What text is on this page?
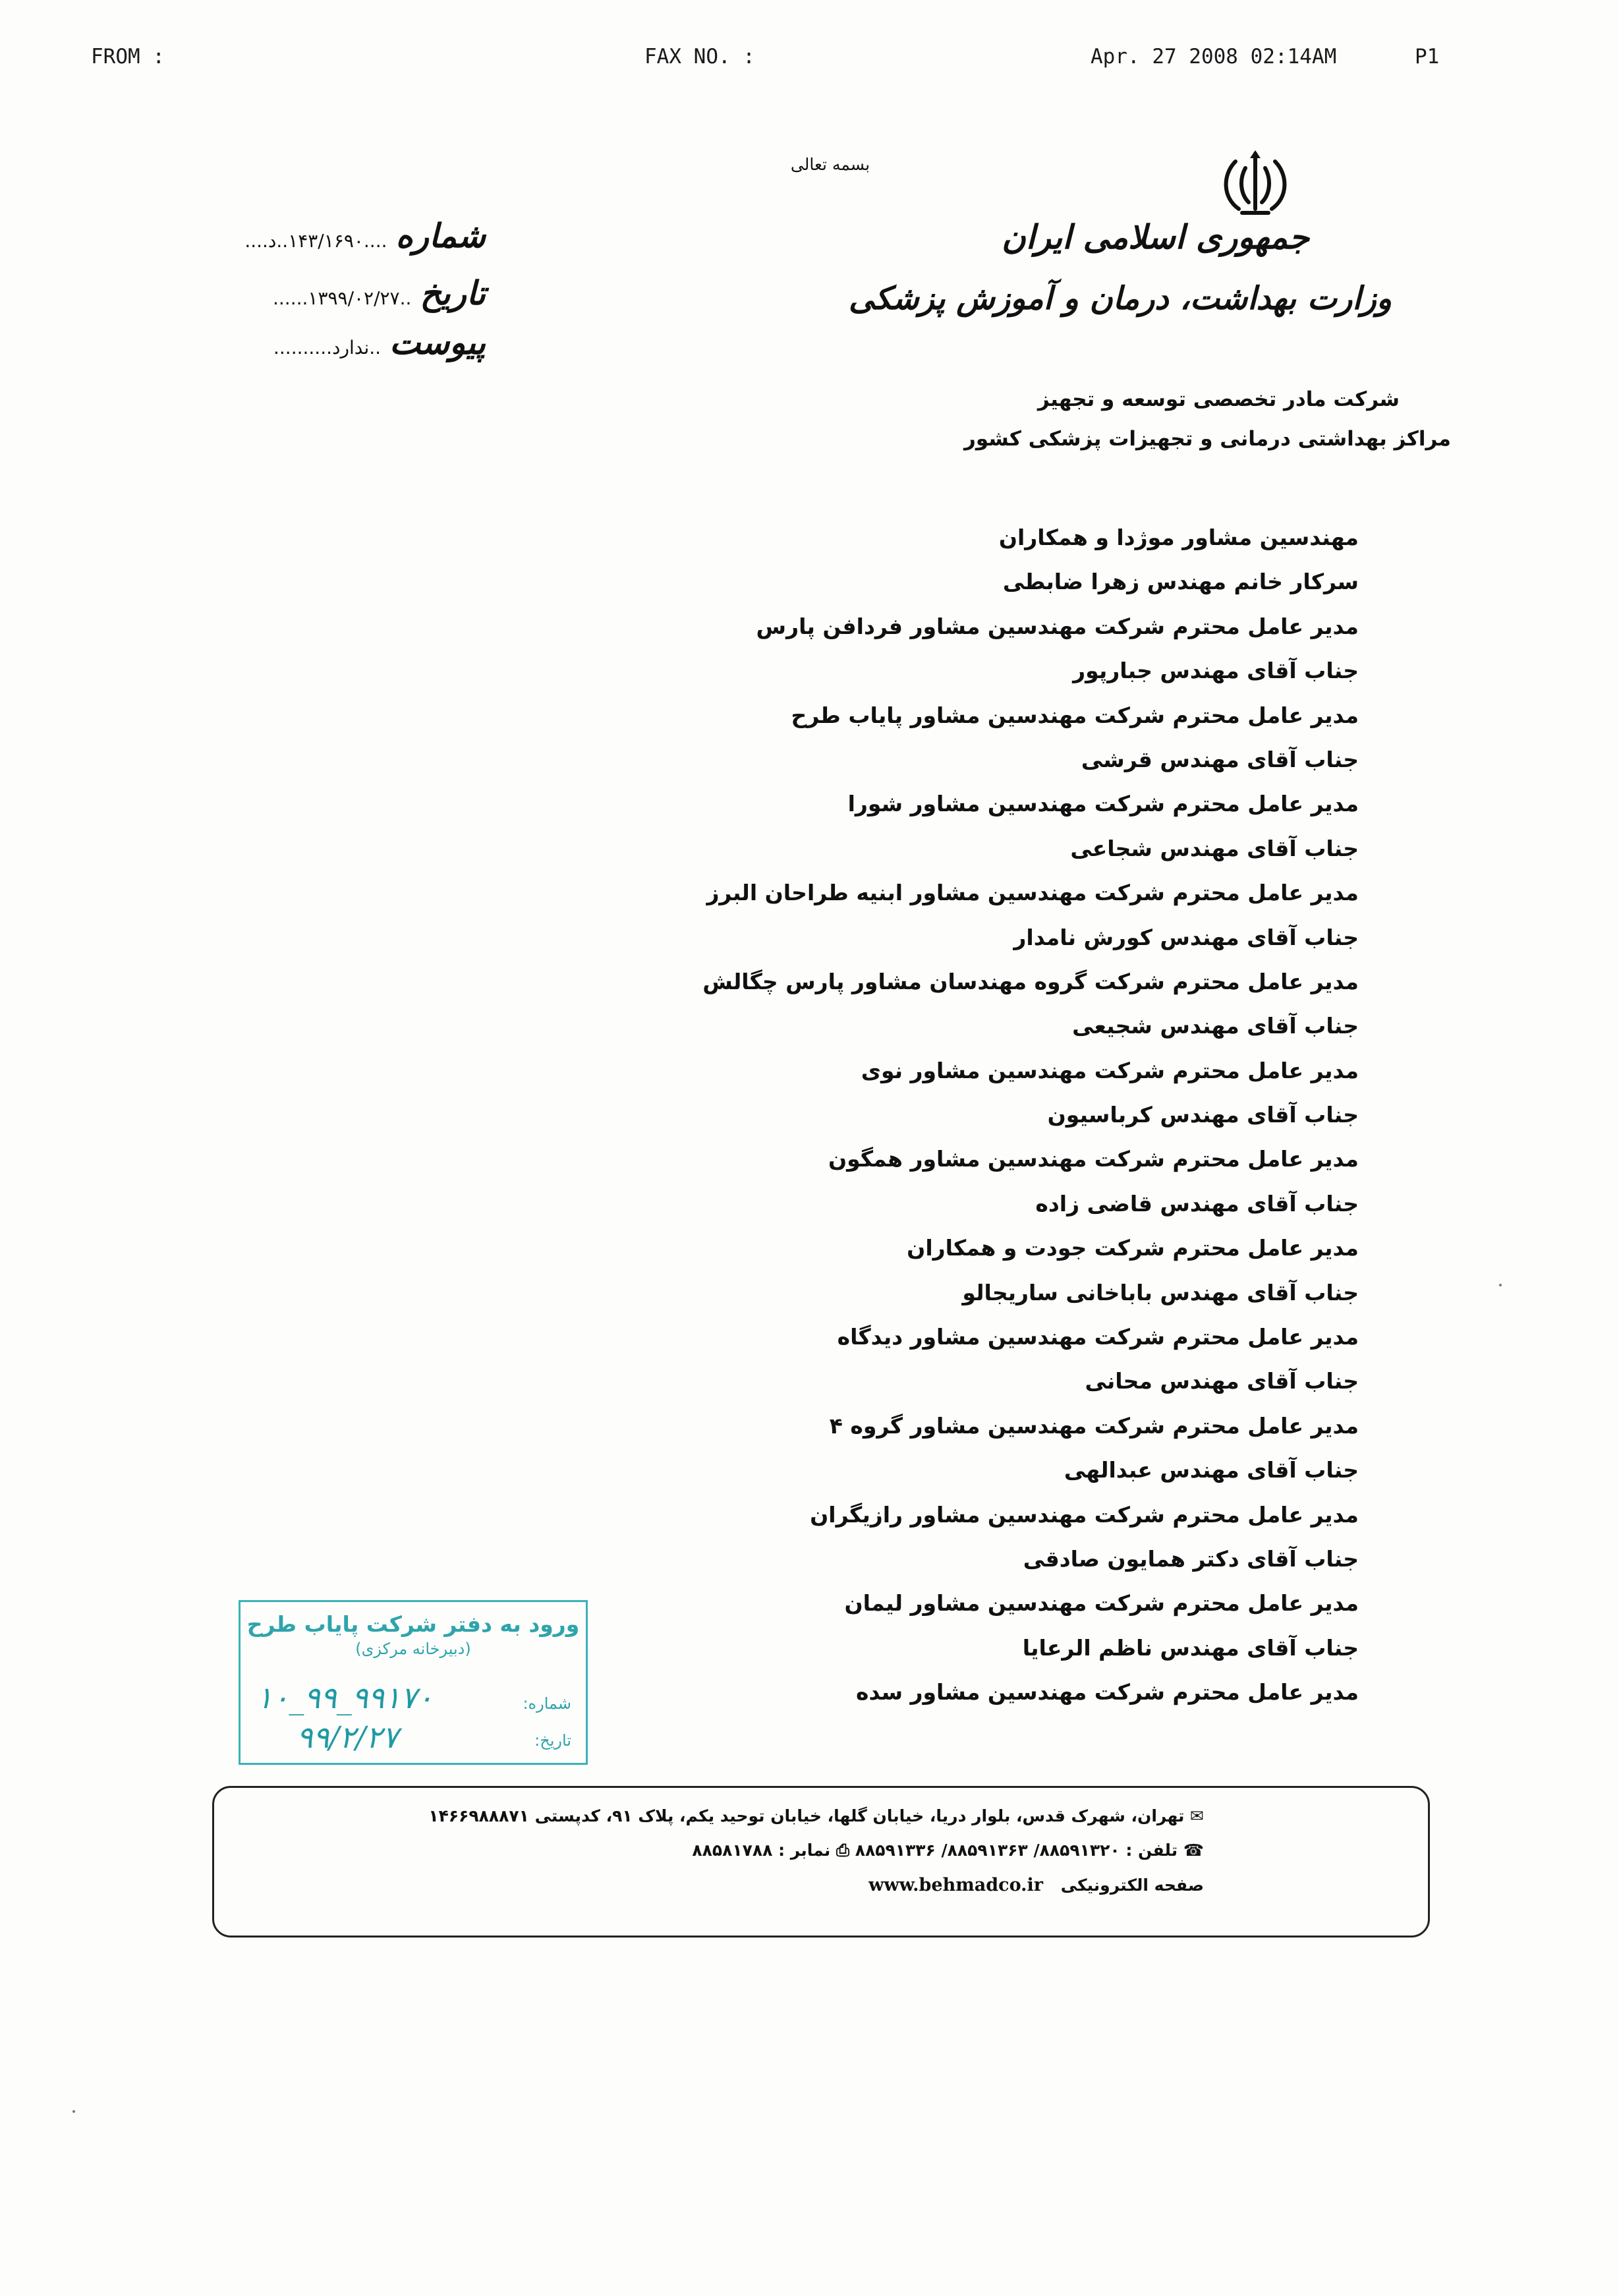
FROM :	FAX NO. :	Apr. 27 2008 02:14AM	P1
بسمه تعالی
جمهوری اسلامی ایران
وزارت بهداشت، درمان و آموزش پزشکی
شرکت مادر تخصصی توسعه و تجهیز
مراکز بهداشتی درمانی و تجهیزات پزشکی کشور
شماره ....۱۴۳/۱۶۹۰..د....
تاریخ ..۱۳۹۹/۰۲/۲۷......
پیوست ..ندارد..........
مهندسین مشاور موژدا و همکاران
سرکار خانم مهندس زهرا ضابطی
مدیر عامل محترم شرکت مهندسین مشاور فردافن پارس
جناب آقای مهندس جبارپور
مدیر عامل محترم شرکت مهندسین مشاور پایاب طرح
جناب آقای مهندس قرشی
مدیر عامل محترم شرکت مهندسین مشاور شورا
جناب آقای مهندس شجاعی
مدیر عامل محترم شرکت مهندسین مشاور ابنیه طراحان البرز
جناب آقای مهندس کورش نامدار
مدیر عامل محترم شرکت گروه مهندسان مشاور پارس چگالش
جناب آقای مهندس شجیعی
مدیر عامل محترم شرکت مهندسین مشاور نوی
جناب آقای مهندس کرباسیون
مدیر عامل محترم شرکت مهندسین مشاور همگون
جناب آقای مهندس قاضی زاده
مدیر عامل محترم شرکت جودت و همکاران
جناب آقای مهندس باباخانی ساریجالو
مدیر عامل محترم شرکت مهندسین مشاور دیدگاه
جناب آقای مهندس محانی
مدیر عامل محترم شرکت مهندسین مشاور گروه ۴
جناب آقای مهندس عبدالهی
مدیر عامل محترم شرکت مهندسین مشاور رازیگران
جناب آقای دکتر همایون صادقی
مدیر عامل محترم شرکت مهندسین مشاور لیمان
جناب آقای مهندس ناظم الرعایا
مدیر عامل محترم شرکت مهندسین مشاور سده
ورود به دفتر شرکت پایاب طرح
(دبیرخانه مرکزی)
شماره:
۱۰_۹۹_۹۹۱۷۰
تاریخ:
۹۹/۲/۲۷
✉ تهران، شهرک قدس، بلوار دریا، خیابان گلها، خیابان توحید یکم، پلاک ۹۱، کدپستی ۱۴۶۶۹۸۸۸۷۱
☎ تلفن : ۸۸۵۹۱۳۲۰/ ۸۸۵۹۱۳۶۳/ ۸۸۵۹۱۳۳۶ ⎙ نمابر : ۸۸۵۸۱۷۸۸
صفحه الکترونیکی www.behmadco.ir
